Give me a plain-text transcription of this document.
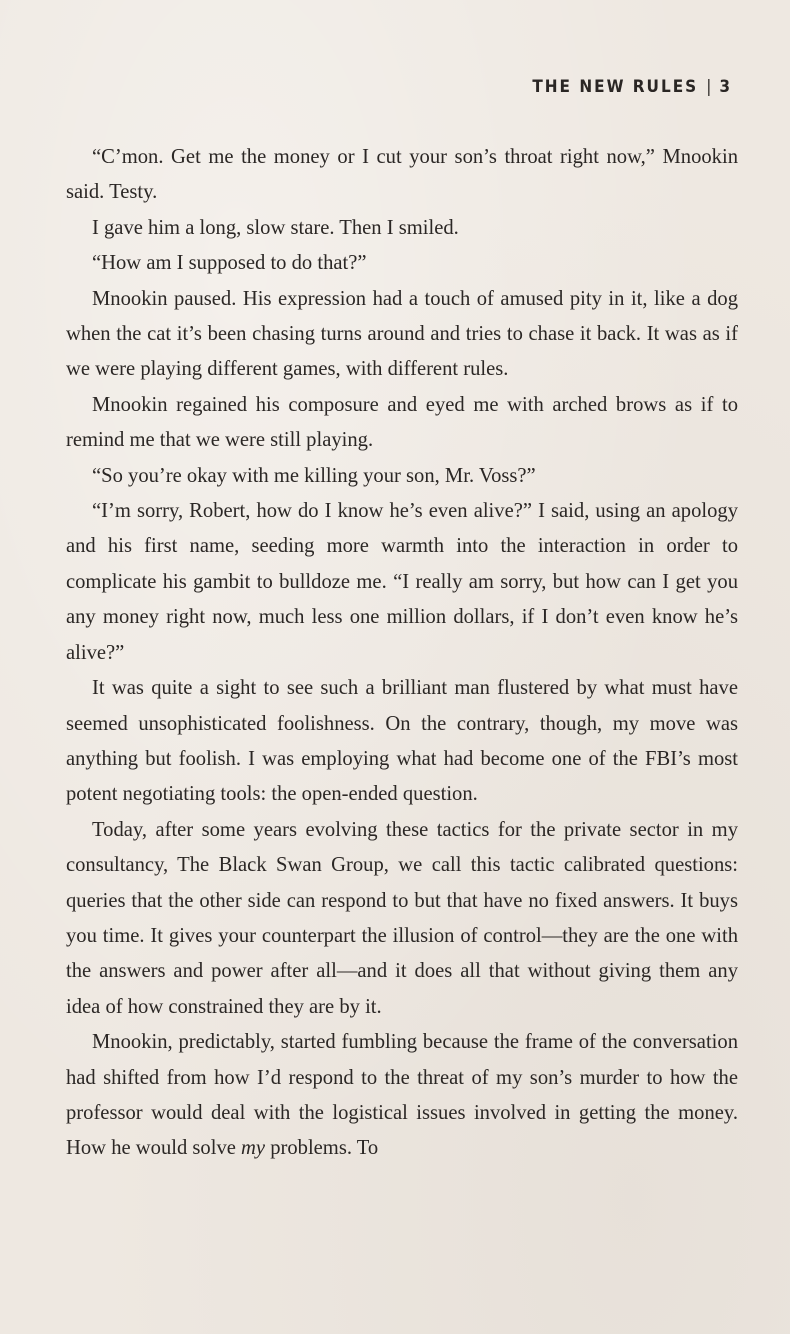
THE NEW RULES | 3

“C’mon. Get me the money or I cut your son’s throat right now,” Mnookin said. Testy.

I gave him a long, slow stare. Then I smiled.

“How am I supposed to do that?”

Mnookin paused. His expression had a touch of amused pity in it, like a dog when the cat it’s been chasing turns around and tries to chase it back. It was as if we were playing different games, with different rules.

Mnookin regained his composure and eyed me with arched brows as if to remind me that we were still playing.

“So you’re okay with me killing your son, Mr. Voss?”

“I’m sorry, Robert, how do I know he’s even alive?” I said, using an apology and his first name, seeding more warmth into the interaction in order to complicate his gambit to bulldoze me. “I really am sorry, but how can I get you any money right now, much less one million dollars, if I don’t even know he’s alive?”

It was quite a sight to see such a brilliant man flustered by what must have seemed unsophisticated foolishness. On the contrary, though, my move was anything but foolish. I was employing what had become one of the FBI’s most potent negotiating tools: the open-ended question.

Today, after some years evolving these tactics for the private sector in my consultancy, The Black Swan Group, we call this tactic calibrated questions: queries that the other side can respond to but that have no fixed answers. It buys you time. It gives your counterpart the illusion of control—they are the one with the answers and power after all—and it does all that without giving them any idea of how constrained they are by it.

Mnookin, predictably, started fumbling because the frame of the conversation had shifted from how I’d respond to the threat of my son’s murder to how the professor would deal with the logistical issues involved in getting the money. How he would solve my problems. To
